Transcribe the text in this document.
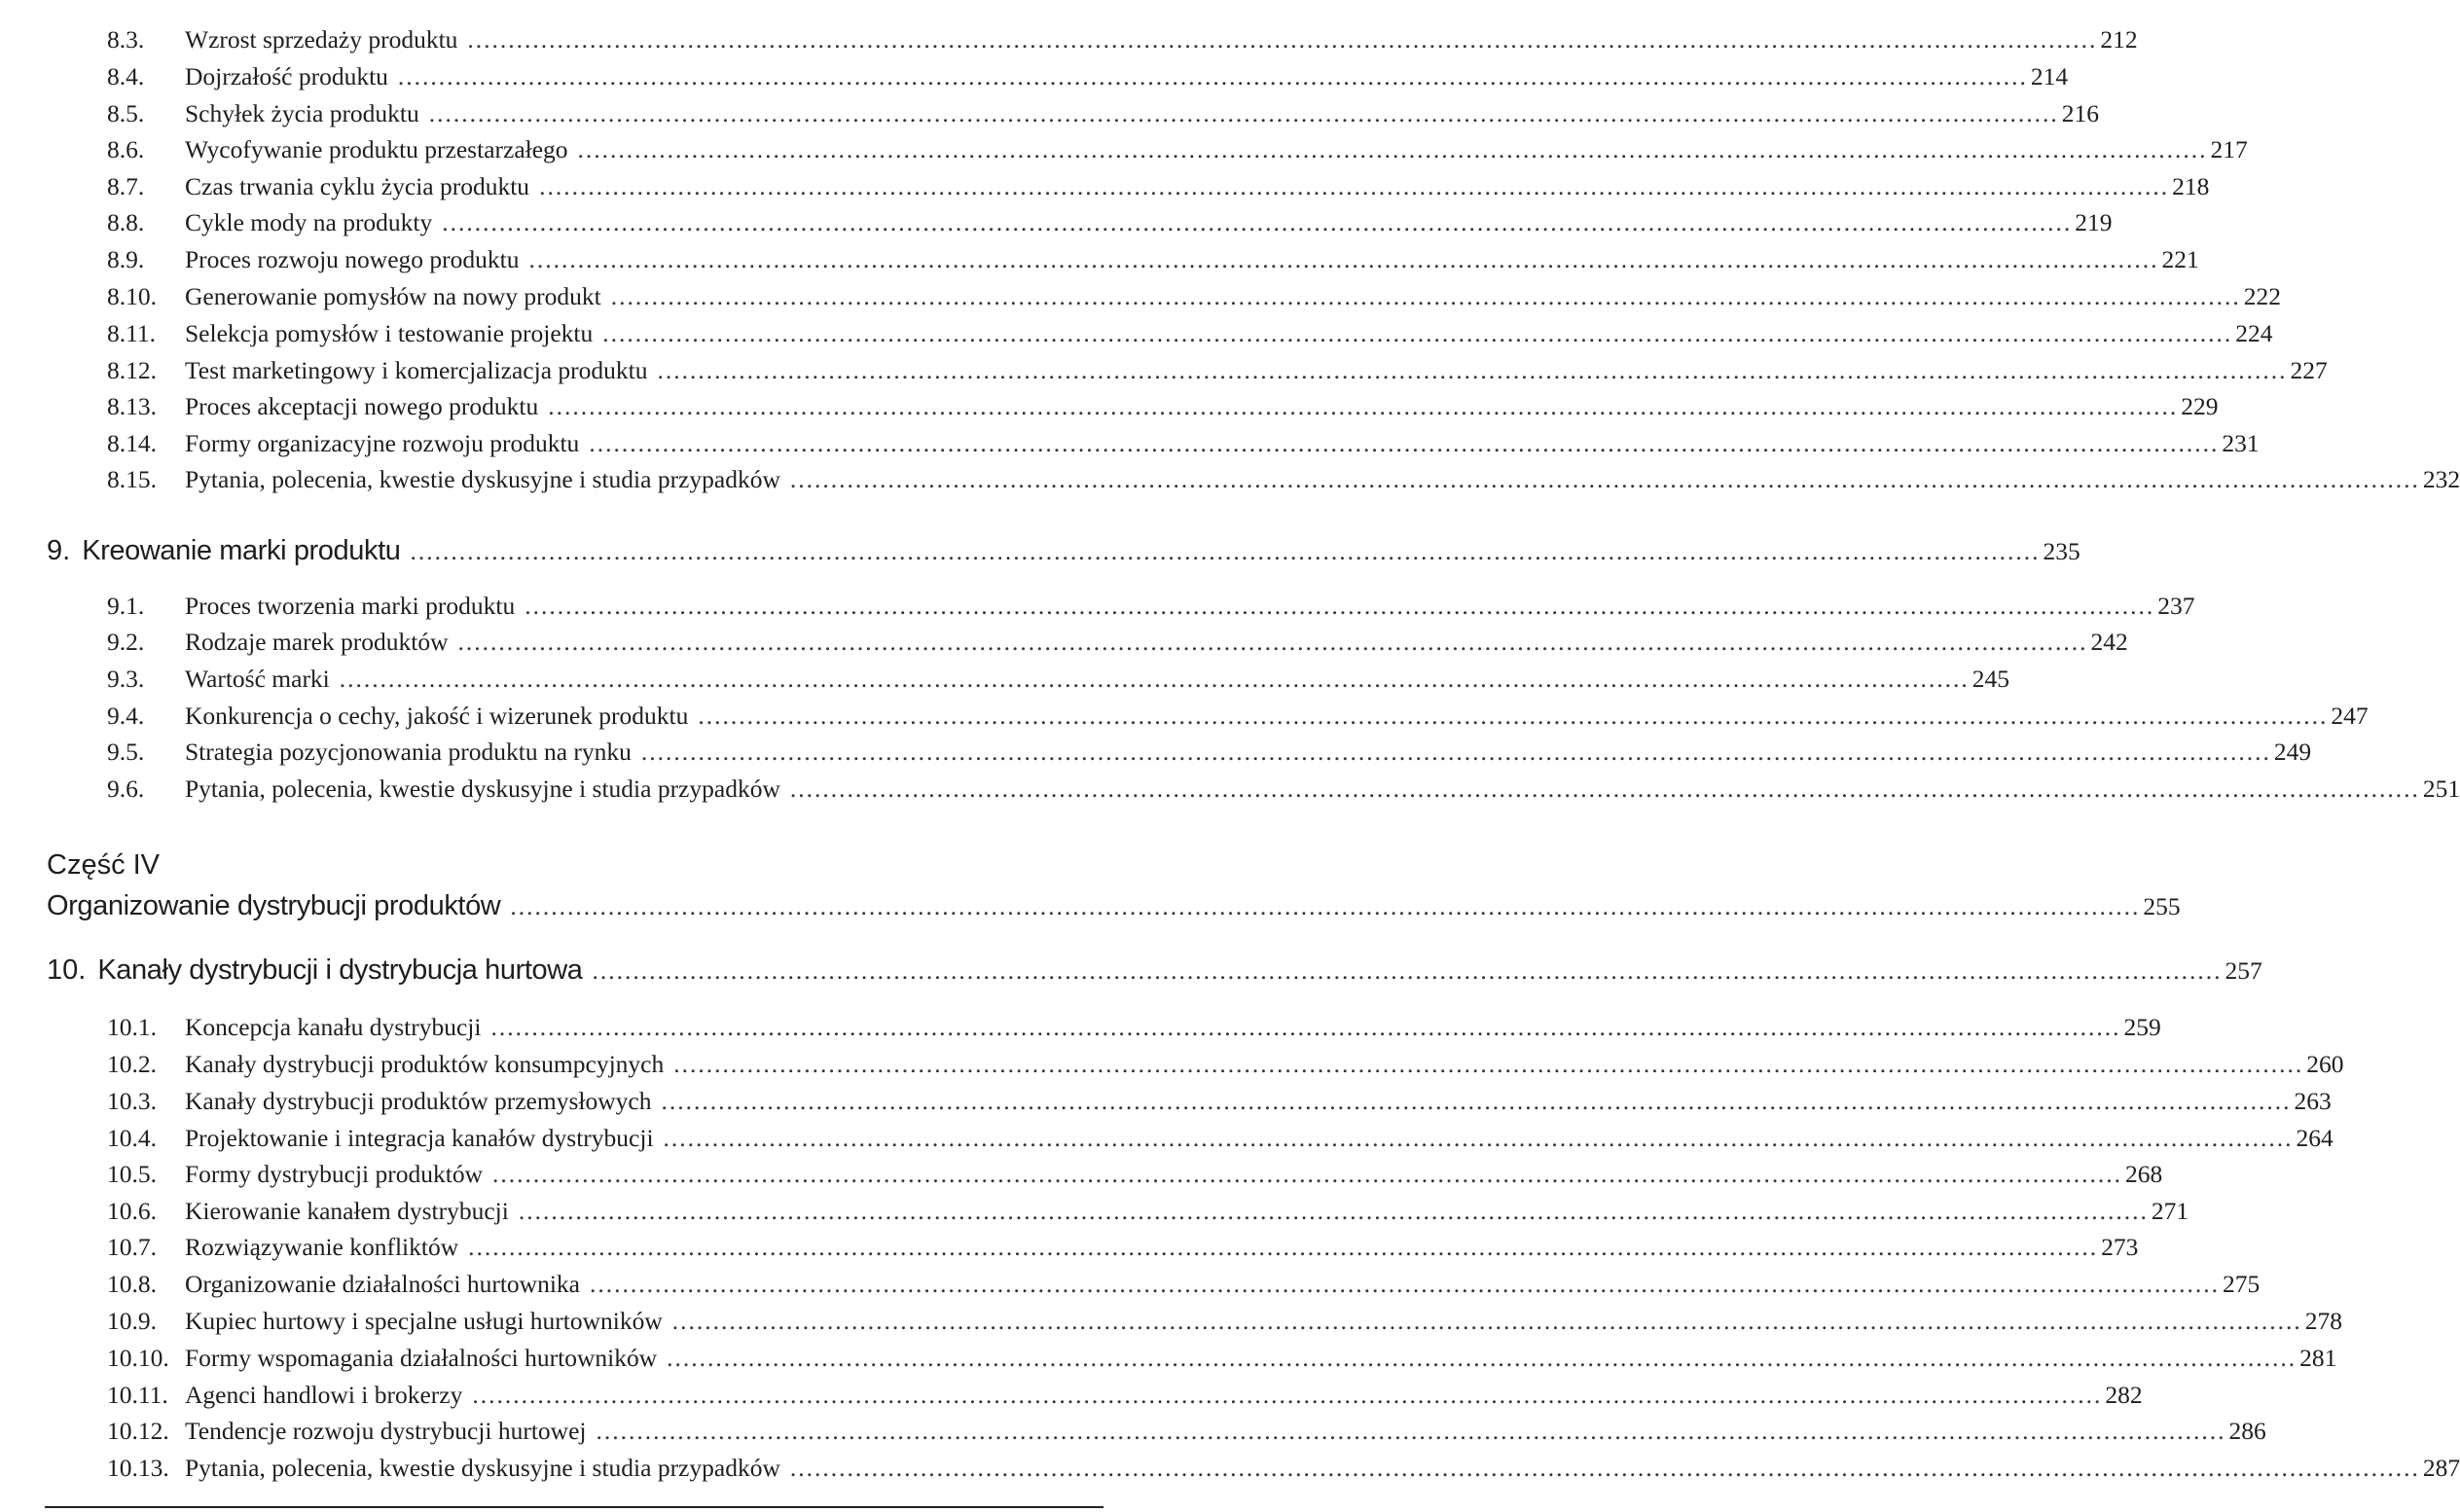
8.3.	Wzrost sprzedaży produktu ........................................................................................................................................................................................................ 212
8.4.	Dojrzałość produktu ........................................................................................................................................................................................................ 214
8.5.	Schyłek życia produktu ........................................................................................................................................................................................................ 216
8.6.	Wycofywanie produktu przestarzałego ........................................................................................................................................................................................................ 217
8.7.	Czas trwania cyklu życia produktu ........................................................................................................................................................................................................ 218
8.8.	Cykle mody na produkty ........................................................................................................................................................................................................ 219
8.9.	Proces rozwoju nowego produktu ........................................................................................................................................................................................................ 221
8.10.	Generowanie pomysłów na nowy produkt ........................................................................................................................................................................................................ 222
8.11.	Selekcja pomysłów i testowanie projektu ........................................................................................................................................................................................................ 224
8.12.	Test marketingowy i komercjalizacja produktu ........................................................................................................................................................................................................ 227
8.13.	Proces akceptacji nowego produktu ........................................................................................................................................................................................................ 229
8.14.	Formy organizacyjne rozwoju produktu ........................................................................................................................................................................................................ 231
8.15.	Pytania, polecenia, kwestie dyskusyjne i studia przypadków ........................................................................................................................................................................................................ 232
9. Kreowanie marki produktu ........................................................................................................................................................................................................ 235
9.1.	Proces tworzenia marki produktu ........................................................................................................................................................................................................ 237
9.2.	Rodzaje marek produktów ........................................................................................................................................................................................................ 242
9.3.	Wartość marki ........................................................................................................................................................................................................ 245
9.4.	Konkurencja o cechy, jakość i wizerunek produktu ........................................................................................................................................................................................................ 247
9.5.	Strategia pozycjonowania produktu na rynku ........................................................................................................................................................................................................ 249
9.6.	Pytania, polecenia, kwestie dyskusyjne i studia przypadków ........................................................................................................................................................................................................ 251
Część IV
Organizowanie dystrybucji produktów ........................................................................................................................................................................................................ 255
10. Kanały dystrybucji i dystrybucja hurtowa ........................................................................................................................................................................................................ 257
10.1.	Koncepcja kanału dystrybucji ........................................................................................................................................................................................................ 259
10.2.	Kanały dystrybucji produktów konsumpcyjnych ........................................................................................................................................................................................................ 260
10.3.	Kanały dystrybucji produktów przemysłowych ........................................................................................................................................................................................................ 263
10.4.	Projektowanie i integracja kanałów dystrybucji ........................................................................................................................................................................................................ 264
10.5.	Formy dystrybucji produktów ........................................................................................................................................................................................................ 268
10.6.	Kierowanie kanałem dystrybucji ........................................................................................................................................................................................................ 271
10.7.	Rozwiązywanie konfliktów ........................................................................................................................................................................................................ 273
10.8.	Organizowanie działalności hurtownika ........................................................................................................................................................................................................ 275
10.9.	Kupiec hurtowy i specjalne usługi hurtowników ........................................................................................................................................................................................................ 278
10.10. Formy wspomagania działalności hurtowników ........................................................................................................................................................................................................ 281
10.11. Agenci handlowi i brokerzy ........................................................................................................................................................................................................ 282
10.12. Tendencje rozwoju dystrybucji hurtowej ........................................................................................................................................................................................................ 286
10.13. Pytania, polecenia, kwestie dyskusyjne i studia przypadków ........................................................................................................................................................................................................ 287
